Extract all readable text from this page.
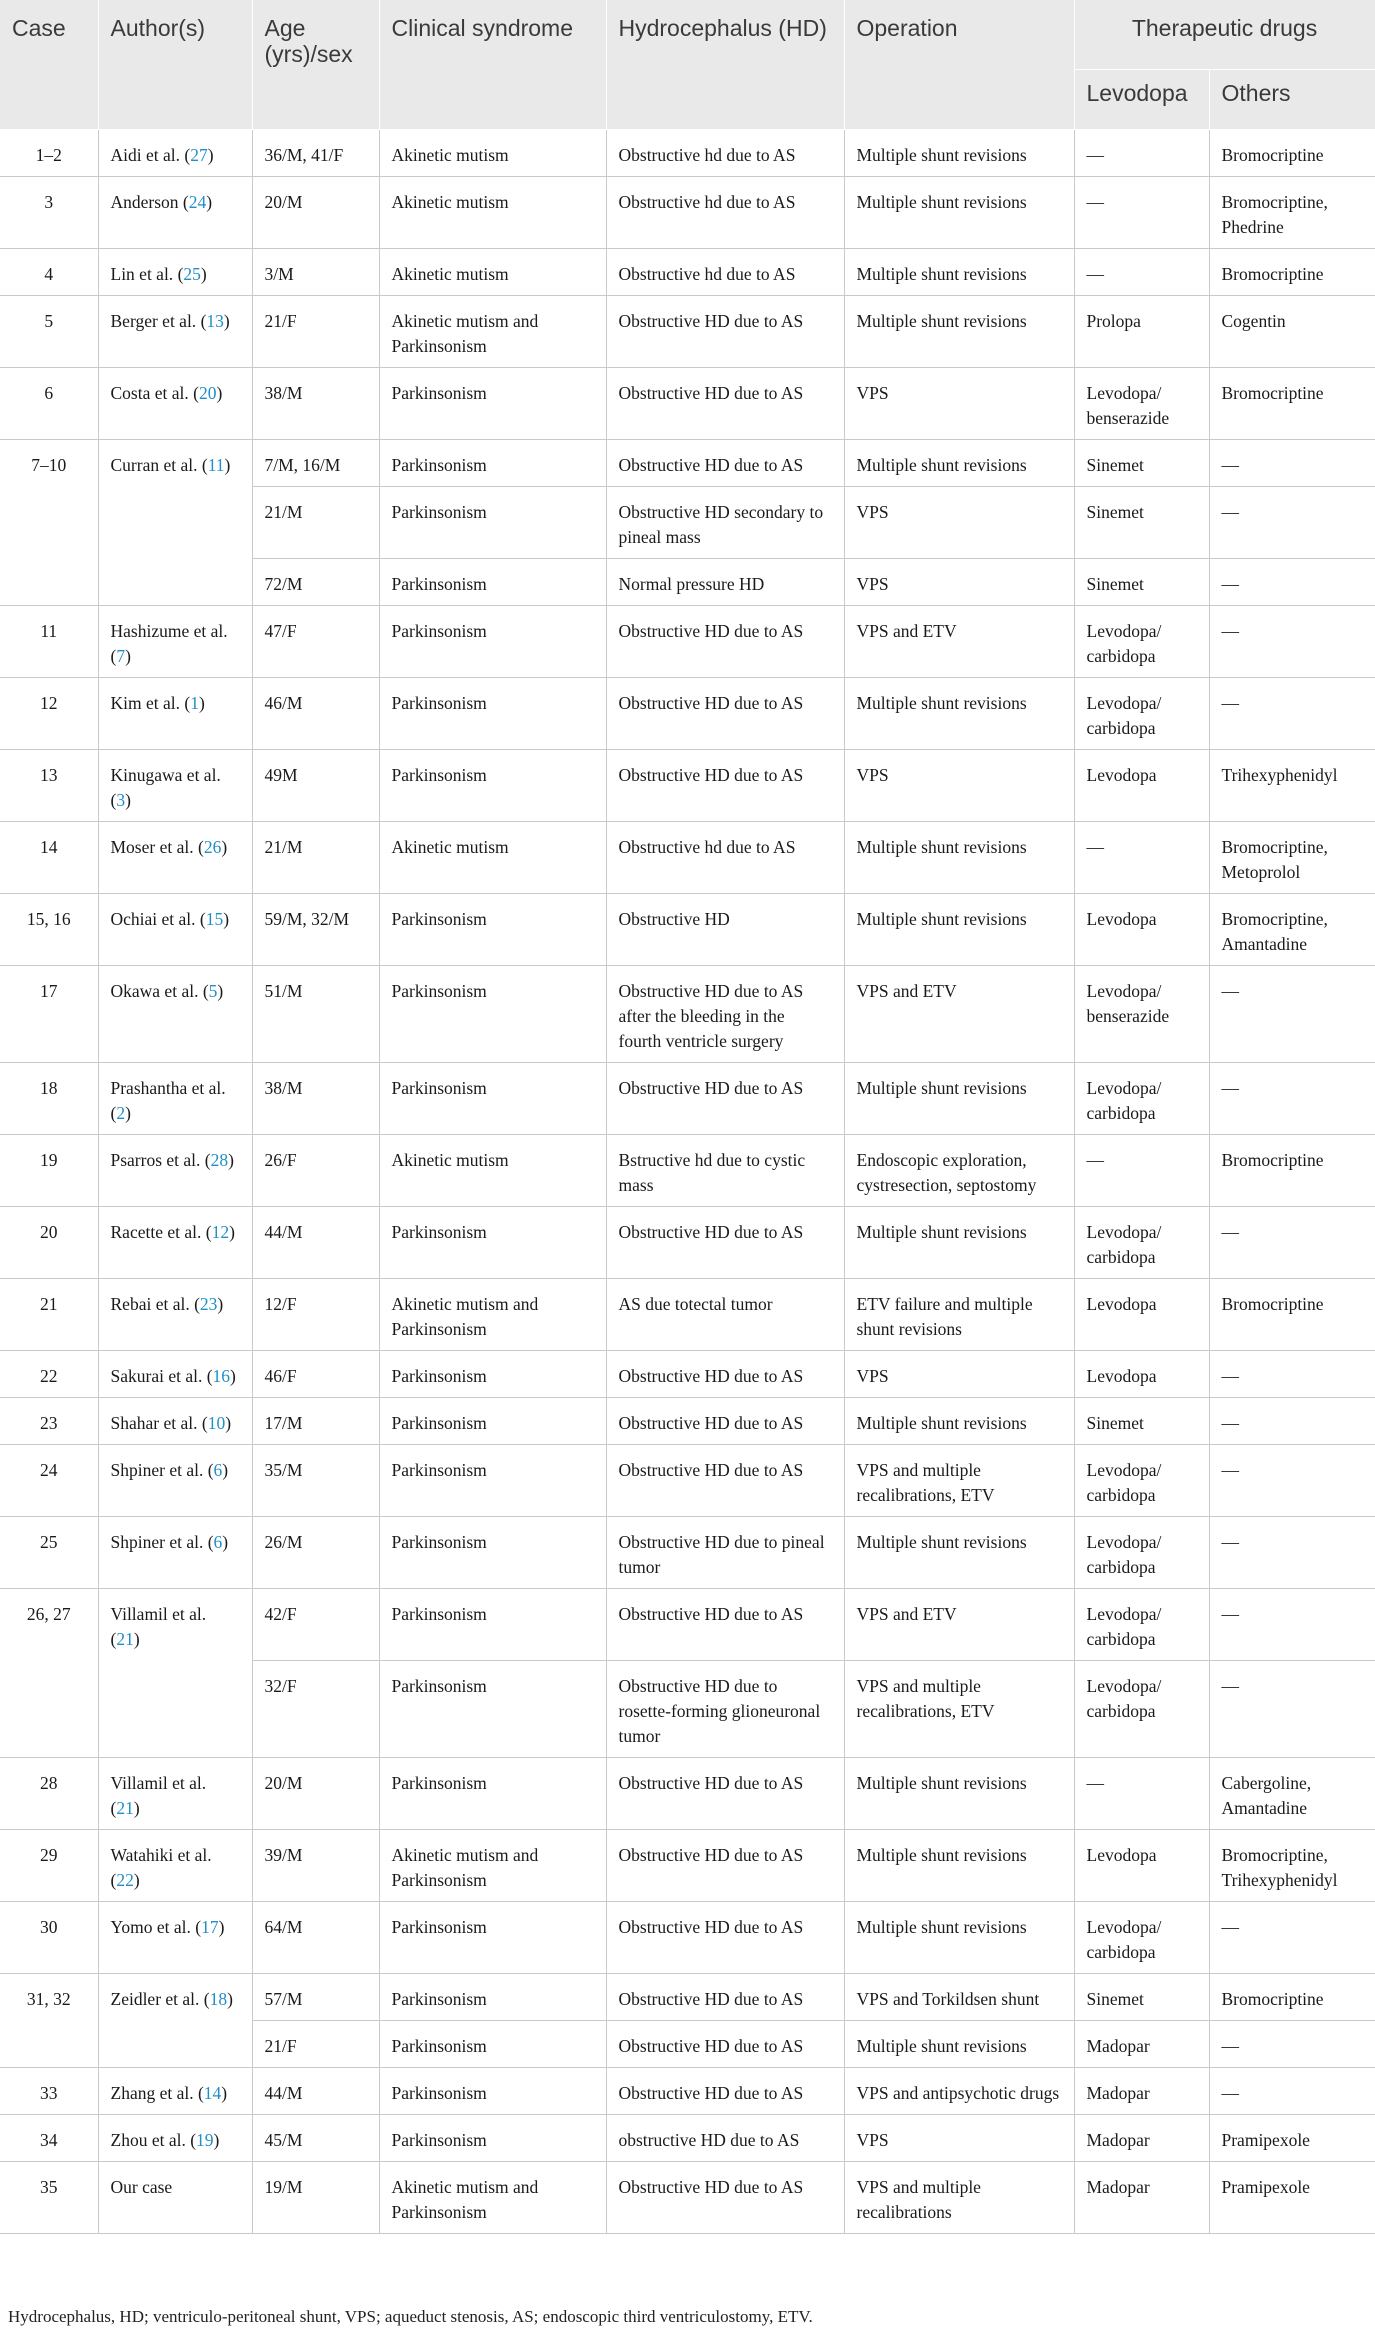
Case	Author(s)	Age (yrs)/sex	Clinical syndrome	Hydrocephalus (HD)	Operation	Therapeutic drugs	
						Levodopa	Others
1–2	Aidi et al. (27)	36/M, 41/F	Akinetic mutism	Obstructive hd due to AS	Multiple shunt revisions	—	Bromocriptine
3	Anderson (24)	20/M	Akinetic mutism	Obstructive hd due to AS	Multiple shunt revisions	—	Bromocriptine, Phedrine
4	Lin et al. (25)	3/M	Akinetic mutism	Obstructive hd due to AS	Multiple shunt revisions	—	Bromocriptine
5	Berger et al. (13)	21/F	Akinetic mutism and Parkinsonism	Obstructive HD due to AS	Multiple shunt revisions	Prolopa	Cogentin
6	Costa et al. (20)	38/M	Parkinsonism	Obstructive HD due to AS	VPS	Levodopa/ benserazide	Bromocriptine
7–10	Curran et al. (11)	7/M, 16/M	Parkinsonism	Obstructive HD due to AS	Multiple shunt revisions	Sinemet	—
		21/M	Parkinsonism	Obstructive HD secondary to pineal mass	VPS	Sinemet	—
		72/M	Parkinsonism	Normal pressure HD	VPS	Sinemet	—
11	Hashizume et al. (7)	47/F	Parkinsonism	Obstructive HD due to AS	VPS and ETV	Levodopa/ carbidopa	—
12	Kim et al. (1)	46/M	Parkinsonism	Obstructive HD due to AS	Multiple shunt revisions	Levodopa/ carbidopa	—
13	Kinugawa et al. (3)	49M	Parkinsonism	Obstructive HD due to AS	VPS	Levodopa	Trihexyphenidyl
14	Moser et al. (26)	21/M	Akinetic mutism	Obstructive hd due to AS	Multiple shunt revisions	—	Bromocriptine, Metoprolol
15, 16	Ochiai et al. (15)	59/M, 32/M	Parkinsonism	Obstructive HD	Multiple shunt revisions	Levodopa	Bromocriptine, Amantadine
17	Okawa et al. (5)	51/M	Parkinsonism	Obstructive HD due to AS after the bleeding in the fourth ventricle surgery	VPS and ETV	Levodopa/ benserazide	—
18	Prashantha et al. (2)	38/M	Parkinsonism	Obstructive HD due to AS	Multiple shunt revisions	Levodopa/ carbidopa	—
19	Psarros et al. (28)	26/F	Akinetic mutism	Bstructive hd due to cystic mass	Endoscopic exploration, cystresection, septostomy	—	Bromocriptine
20	Racette et al. (12)	44/M	Parkinsonism	Obstructive HD due to AS	Multiple shunt revisions	Levodopa/ carbidopa	—
21	Rebai et al. (23)	12/F	Akinetic mutism and Parkinsonism	AS due totectal tumor	ETV failure and multiple shunt revisions	Levodopa	Bromocriptine
22	Sakurai et al. (16)	46/F	Parkinsonism	Obstructive HD due to AS	VPS	Levodopa	—
23	Shahar et al. (10)	17/M	Parkinsonism	Obstructive HD due to AS	Multiple shunt revisions	Sinemet	—
24	Shpiner et al. (6)	35/M	Parkinsonism	Obstructive HD due to AS	VPS and multiple recalibrations, ETV	Levodopa/ carbidopa	—
25	Shpiner et al. (6)	26/M	Parkinsonism	Obstructive HD due to pineal tumor	Multiple shunt revisions	Levodopa/ carbidopa	—
26, 27	Villamil et al. (21)	42/F	Parkinsonism	Obstructive HD due to AS	VPS and ETV	Levodopa/ carbidopa	—
		32/F	Parkinsonism	Obstructive HD due to rosette-forming glioneuronal tumor	VPS and multiple recalibrations, ETV	Levodopa/ carbidopa	—
28	Villamil et al. (21)	20/M	Parkinsonism	Obstructive HD due to AS	Multiple shunt revisions	—	Cabergoline, Amantadine
29	Watahiki et al. (22)	39/M	Akinetic mutism and Parkinsonism	Obstructive HD due to AS	Multiple shunt revisions	Levodopa	Bromocriptine, Trihexyphenidyl
30	Yomo et al. (17)	64/M	Parkinsonism	Obstructive HD due to AS	Multiple shunt revisions	Levodopa/ carbidopa	—
31, 32	Zeidler et al. (18)	57/M	Parkinsonism	Obstructive HD due to AS	VPS and Torkildsen shunt	Sinemet	Bromocriptine
		21/F	Parkinsonism	Obstructive HD due to AS	Multiple shunt revisions	Madopar	—
33	Zhang et al. (14)	44/M	Parkinsonism	Obstructive HD due to AS	VPS and antipsychotic drugs	Madopar	—
34	Zhou et al. (19)	45/M	Parkinsonism	obstructive HD due to AS	VPS	Madopar	Pramipexole
35	Our case	19/M	Akinetic mutism and Parkinsonism	Obstructive HD due to AS	VPS and multiple recalibrations	Madopar	Pramipexole
Hydrocephalus, HD; ventriculo-peritoneal shunt, VPS; aqueduct stenosis, AS; endoscopic third ventriculostomy, ETV.
